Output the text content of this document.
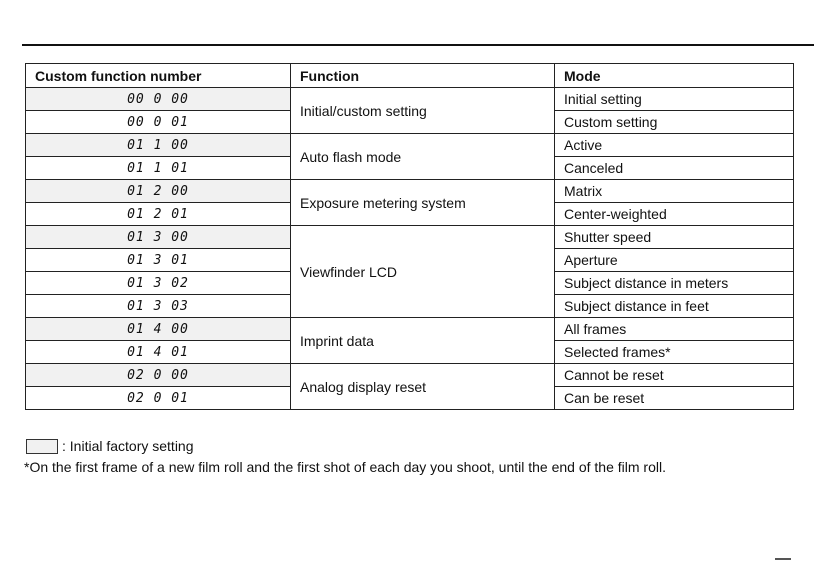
Custom function number	Function	Mode
00 0 00	Initial/custom setting	Initial setting
00 0 01		Custom setting
01 1 00	Auto flash mode	Active
01 1 01		Canceled
01 2 00	Exposure metering system	Matrix
01 2 01		Center-weighted
01 3 00	Viewfinder LCD	Shutter speed
01 3 01		Aperture
01 3 02		Subject distance in meters
01 3 03		Subject distance in feet
01 4 00	Imprint data	All frames
01 4 01		Selected frames*
02 0 00	Analog display reset	Cannot be reset
02 0 01		Can be reset
: Initial factory setting
*On the first frame of a new film roll and the first shot of each day you shoot, until the end of the film roll.
